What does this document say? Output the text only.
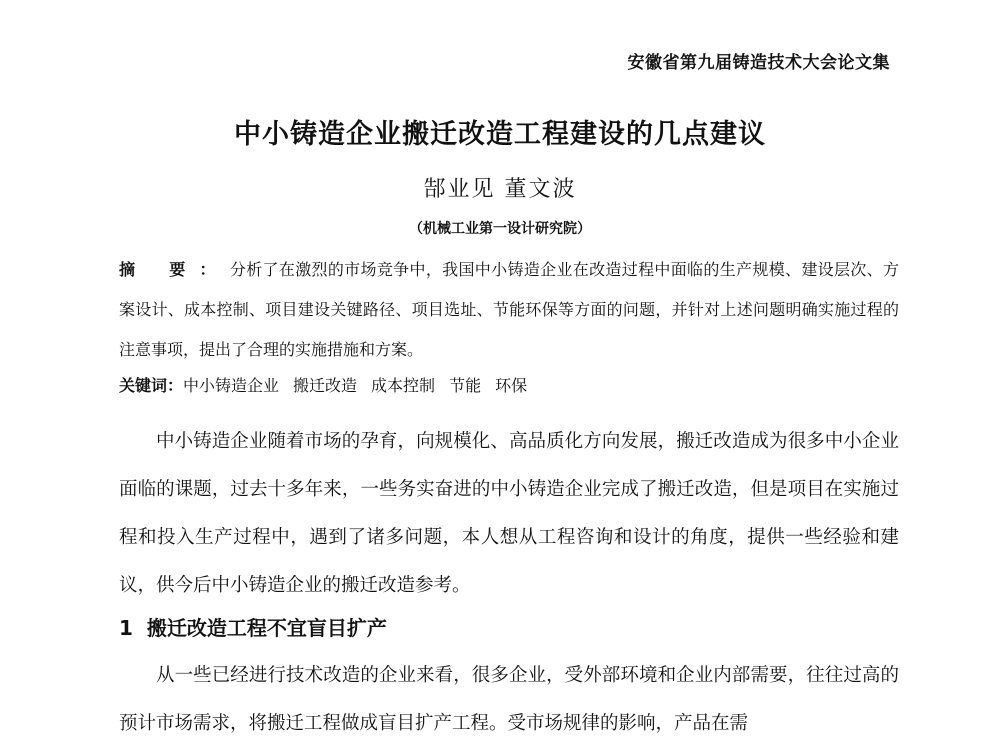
安徽省第九届铸造技术大会论文集
中小铸造企业搬迁改造工程建设的几点建议
郜业见 董文波
（机械工业第一设计研究院）
摘 要：分析了在激烈的市场竞争中，我国中小铸造企业在改造过程中面临的生产规模、建设层次、方案设计、成本控制、项目建设关键路径、项目选址、节能环保等方面的问题，并针对上述问题明确实施过程的注意事项，提出了合理的实施措施和方案。
关键词：中小铸造企业 搬迁改造 成本控制 节能 环保
中小铸造企业随着市场的孕育，向规模化、高品质化方向发展，搬迁改造成为很多中小企业面临的课题，过去十多年来，一些务实奋进的中小铸造企业完成了搬迁改造，但是项目在实施过程和投入生产过程中，遇到了诸多问题，本人想从工程咨询和设计的角度，提供一些经验和建议，供今后中小铸造企业的搬迁改造参考。
1 搬迁改造工程不宜盲目扩产
从一些已经进行技术改造的企业来看，很多企业，受外部环境和企业内部需要，往往过高的预计市场需求，将搬迁工程做成盲目扩产工程。受市场规律的影响，产品在需
